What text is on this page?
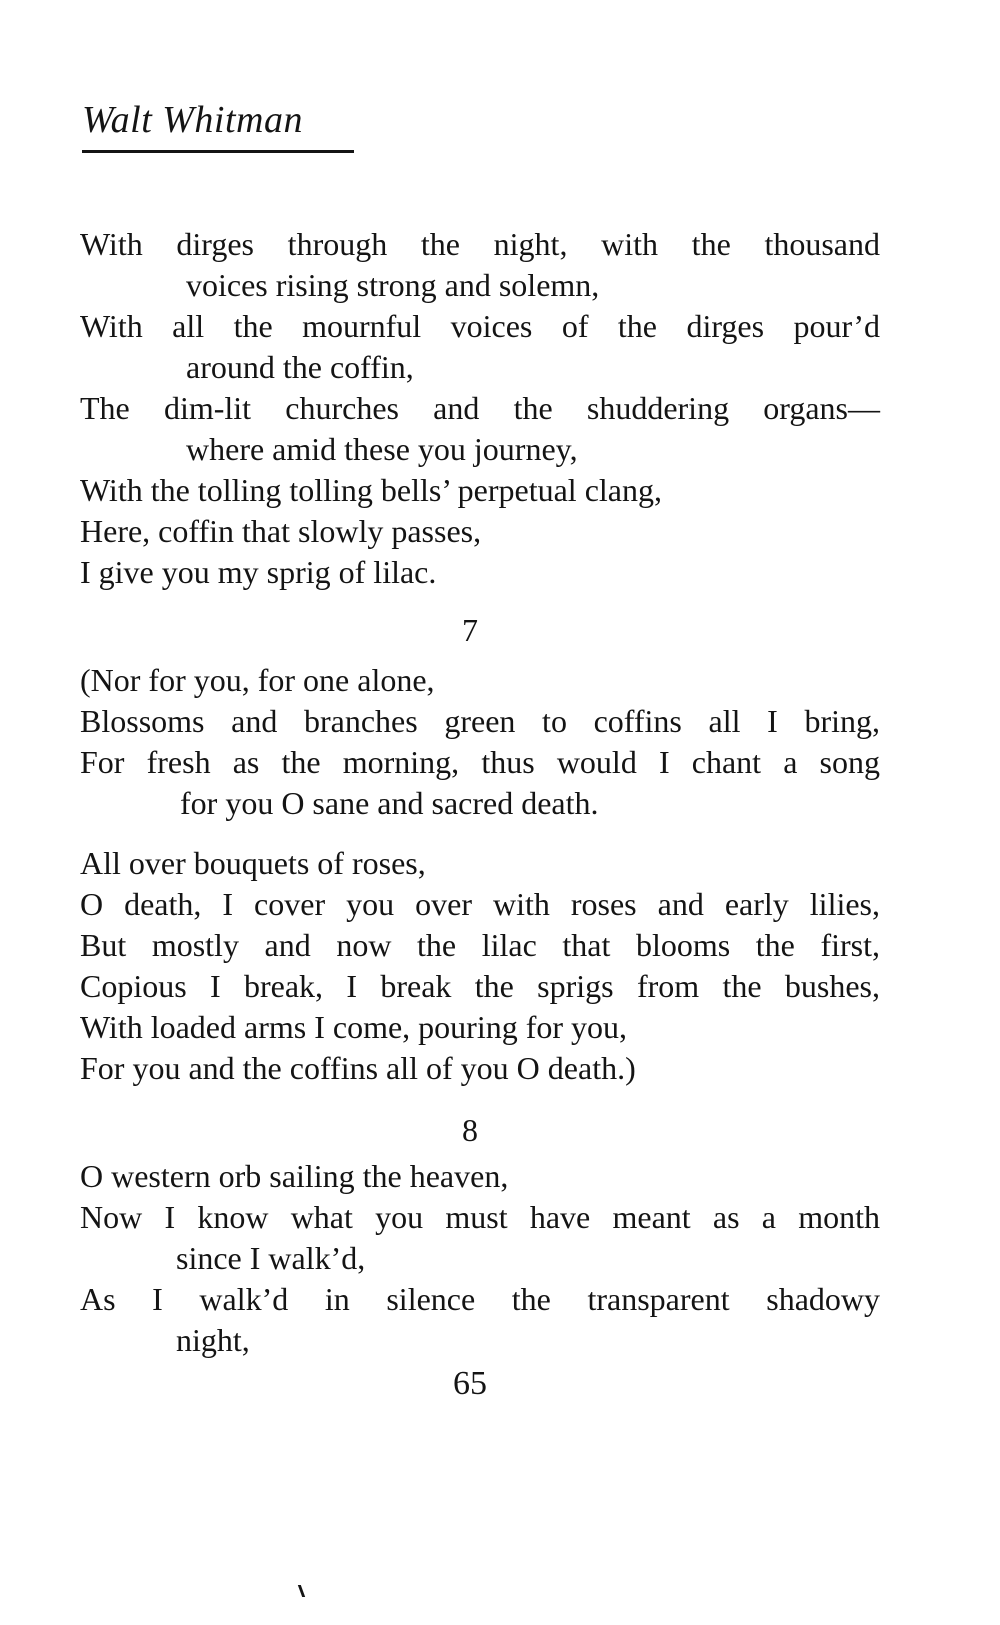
Walt Whitman
With dirges through the night, with the thousand
voices rising strong and solemn,
With all the mournful voices of the dirges pour’d
around the coffin,
The dim-lit churches and the shuddering organs—
where amid these you journey,
With the tolling tolling bells’ perpetual clang,
Here, coffin that slowly passes,
I give you my sprig of lilac.
7
(Nor for you, for one alone,
Blossoms and branches green to coffins all I bring,
For fresh as the morning, thus would I chant a song
for you O sane and sacred death.
All over bouquets of roses,
O death, I cover you over with roses and early lilies,
But mostly and now the lilac that blooms the first,
Copious I break, I break the sprigs from the bushes,
With loaded arms I come, pouring for you,
For you and the coffins all of you O death.)
8
O western orb sailing the heaven,
Now I know what you must have meant as a month
since I walk’d,
As I walk’d in silence the transparent shadowy
night,
65
